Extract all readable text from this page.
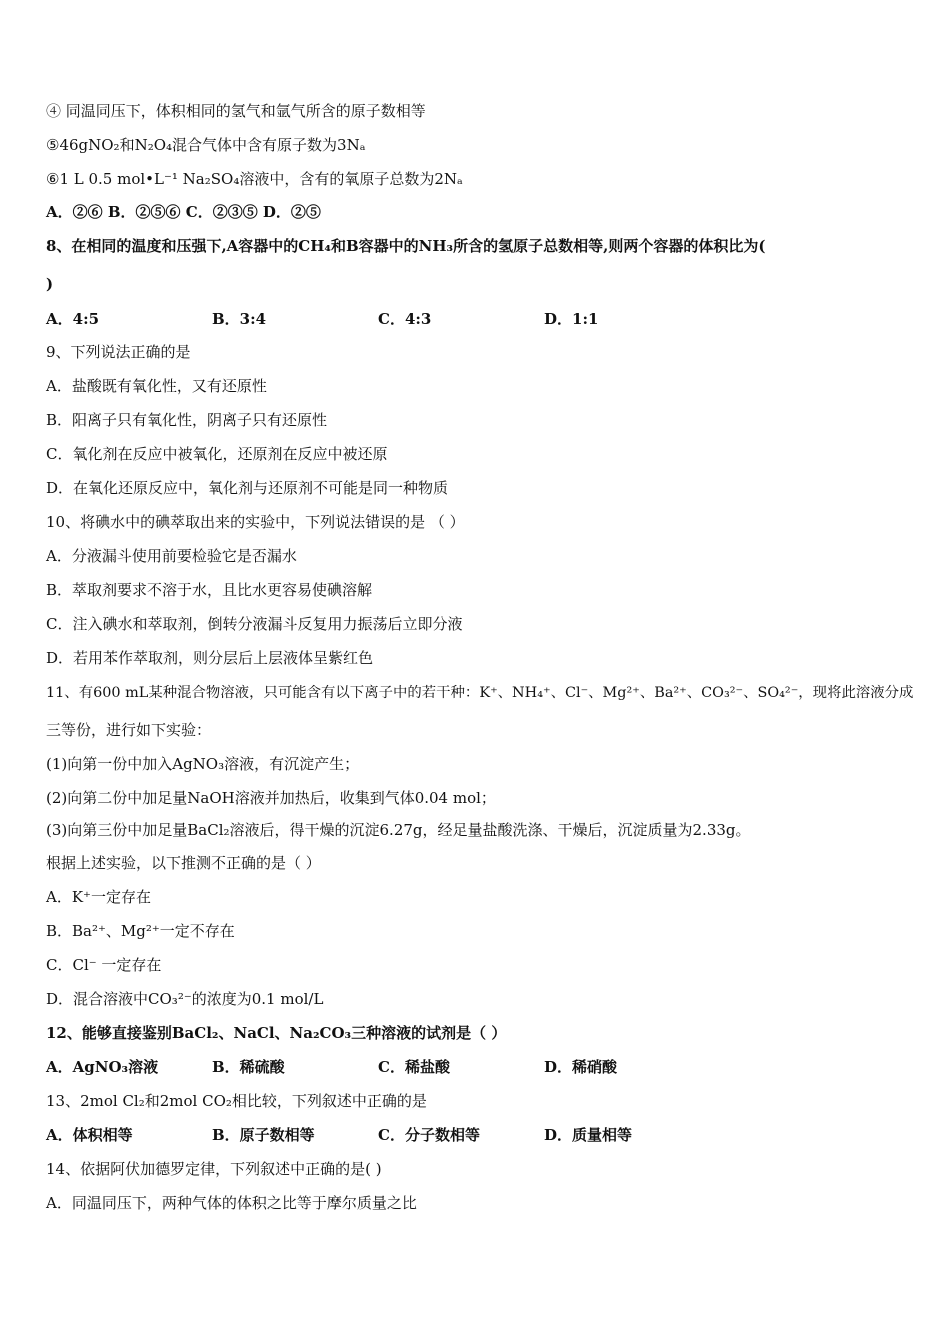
④ 同温同压下，体积相同的氢气和氩气所含的原子数相等
⑤46gNO₂和N₂O₄混合气体中含有原子数为3Nₐ
⑥1 L 0.5 mol•L⁻¹ Na₂SO₄溶液中，含有的氧原子总数为2Nₐ
A．②⑥ B．②⑤⑥ C．②③⑤ D．②⑤
8、在相同的温度和压强下,A容器中的CH₄和B容器中的NH₃所含的氢原子总数相等,则两个容器的体积比为(
)
A．4:5	B．3:4	C．4:3	D．1:1
9、下列说法正确的是
A．盐酸既有氧化性，又有还原性
B．阳离子只有氧化性，阴离子只有还原性
C．氧化剂在反应中被氧化，还原剂在反应中被还原
D．在氧化还原反应中，氧化剂与还原剂不可能是同一种物质
10、将碘水中的碘萃取出来的实验中，下列说法错误的是 （ ）
A．分液漏斗使用前要检验它是否漏水
B．萃取剂要求不溶于水，且比水更容易使碘溶解
C．注入碘水和萃取剂，倒转分液漏斗反复用力振荡后立即分液
D．若用苯作萃取剂，则分层后上层液体呈紫红色
11、有600 mL某种混合物溶液，只可能含有以下离子中的若干种：K⁺、NH₄⁺、Cl⁻、Mg²⁺、Ba²⁺、CO₃²⁻、SO₄²⁻，现将此溶液分成
三等份，进行如下实验：
(1)向第一份中加入AgNO₃溶液，有沉淀产生；
(2)向第二份中加足量NaOH溶液并加热后，收集到气体0.04 mol；
(3)向第三份中加足量BaCl₂溶液后，得干燥的沉淀6.27g，经足量盐酸洗涤、干燥后，沉淀质量为2.33g。
根据上述实验，以下推测不正确的是（ ）
A．K⁺一定存在
B．Ba²⁺、Mg²⁺一定不存在
C．Cl⁻ 一定存在
D．混合溶液中CO₃²⁻的浓度为0.1 mol/L
12、能够直接鉴别BaCl₂、NaCl、Na₂CO₃三种溶液的试剂是（ ）
A．AgNO₃溶液	B．稀硫酸	C．稀盐酸	D．稀硝酸
13、2mol Cl₂和2mol CO₂相比较，下列叙述中正确的是
A．体积相等	B．原子数相等	C．分子数相等	D．质量相等
14、依据阿伏加德罗定律，下列叙述中正确的是( )
A．同温同压下，两种气体的体积之比等于摩尔质量之比
